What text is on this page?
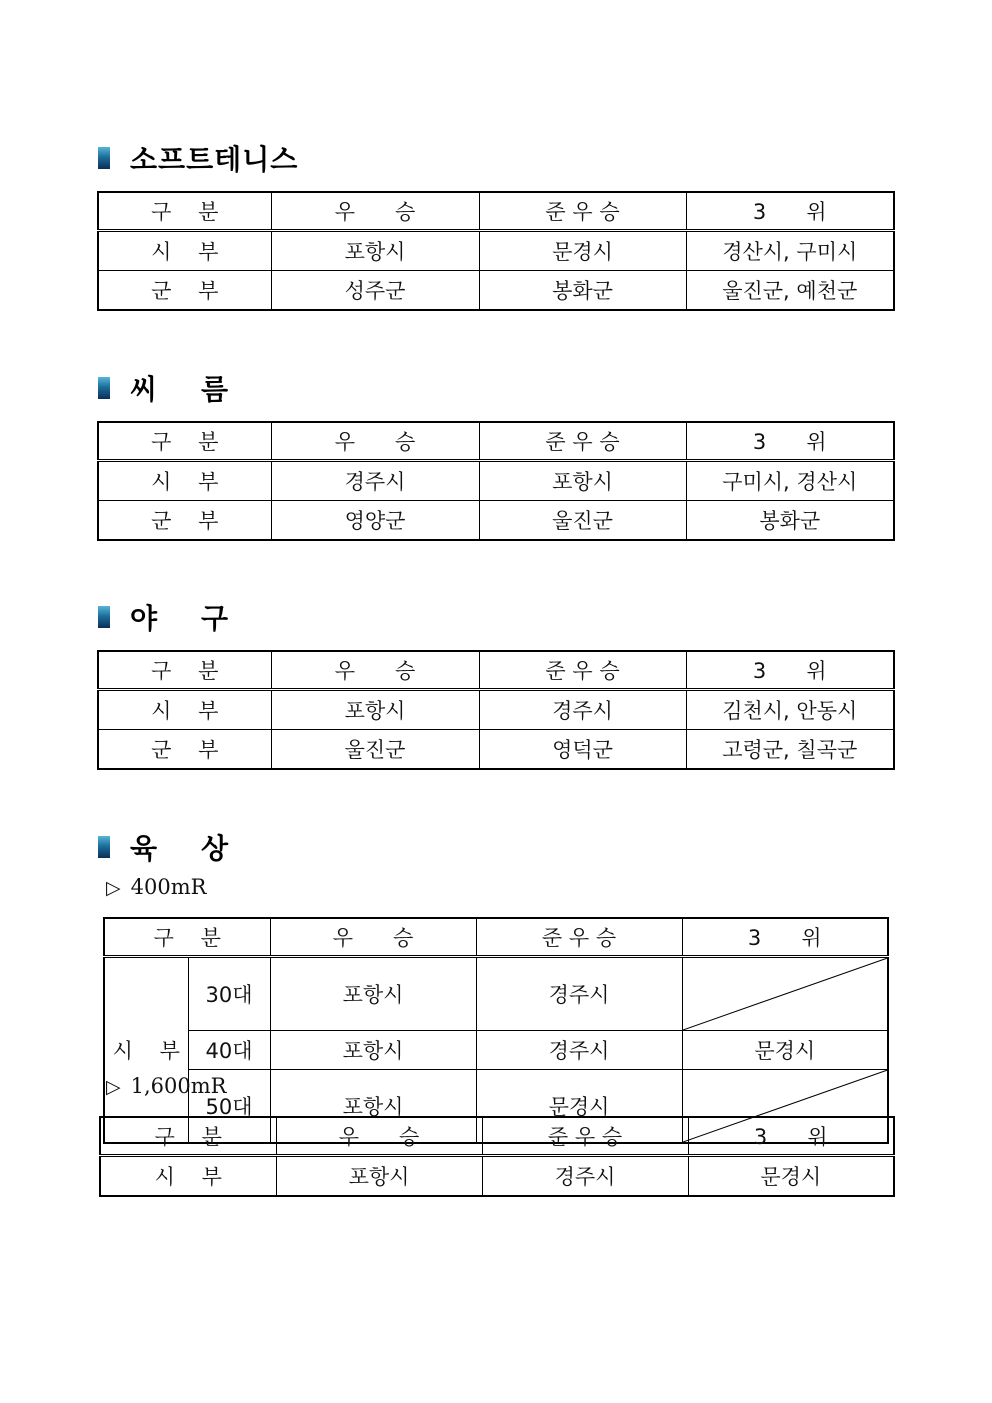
소프트테니스
구    분	우      승	준 우 승	3      위
시    부	포항시	문경시	경산시, 구미시
군    부	성주군	봉화군	울진군, 예천군
씨    름
구    분	우      승	준 우 승	3      위
시    부	경주시	포항시	구미시, 경산시
군    부	영양군	울진군	봉화군
야    구
구    분	우      승	준 우 승	3      위
시    부	포항시	경주시	김천시, 안동시
군    부	울진군	영덕군	고령군, 칠곡군
육    상
▷ 400mR
구    분		우      승	준 우 승	3      위
시    부	30대	포항시	경주시	

	40대	포항시	경주시	문경시
	50대	포항시	문경시	

▷ 1,600mR
구    분	우      승	준 우 승	3      위
시    부	포항시	경주시	문경시
